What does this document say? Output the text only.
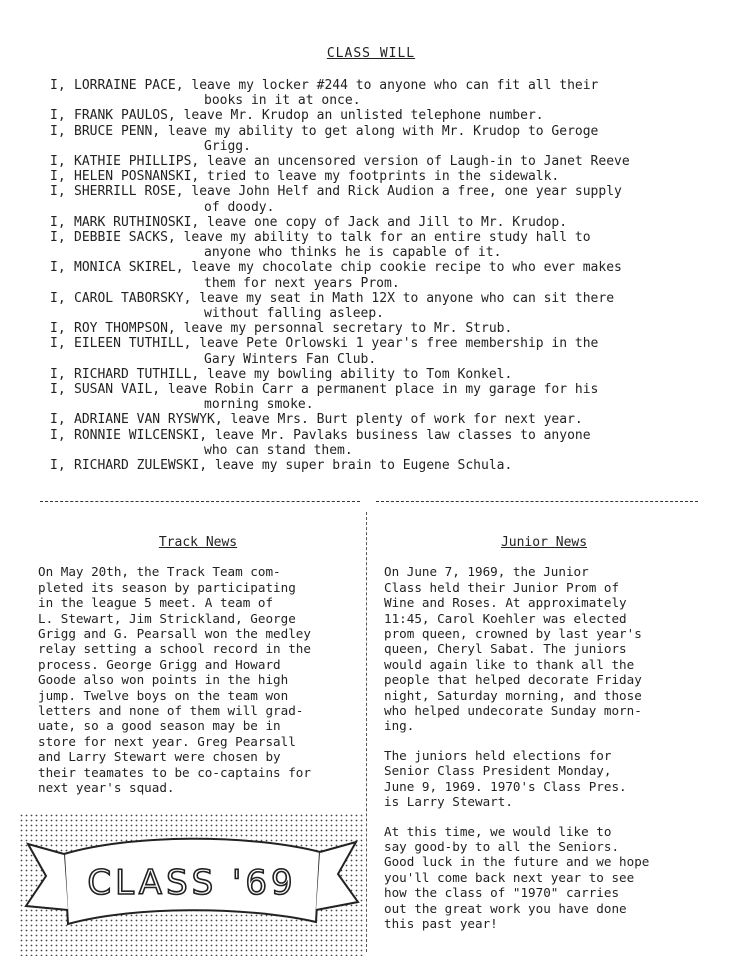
CLASS WILL
I, LORRAINE PACE, leave my locker #244 to anyone who can fit all their
books in it at once.
I, FRANK PAULOS, leave Mr. Krudop an unlisted telephone number.
I, BRUCE PENN, leave my ability to get along with Mr. Krudop to Geroge
Grigg.
I, KATHIE PHILLIPS, leave an uncensored version of Laugh-in to Janet Reeve
I, HELEN POSNANSKI, tried to leave my footprints in the sidewalk.
I, SHERRILL ROSE, leave John Helf and Rick Audion a free, one year supply
of doody.
I, MARK RUTHINOSKI, leave one copy of Jack and Jill to Mr. Krudop.
I, DEBBIE SACKS, leave my ability to talk for an entire study hall to
anyone who thinks he is capable of it.
I, MONICA SKIREL, leave my chocolate chip cookie recipe to who ever makes
them for next years Prom.
I, CAROL TABORSKY, leave my seat in Math 12X to anyone who can sit there
without falling asleep.
I, ROY THOMPSON, leave my personnal secretary to Mr. Strub.
I, EILEEN TUTHILL, leave Pete Orlowski 1 year's free membership in the
Gary Winters Fan Club.
I, RICHARD TUTHILL, leave my bowling ability to Tom Konkel.
I, SUSAN VAIL, leave Robin Carr a permanent place in my garage for his
morning smoke.
I, ADRIANE VAN RYSWYK, leave Mrs. Burt plenty of work for next year.
I, RONNIE WILCENSKI, leave Mr. Pavlaks business law classes to anyone
who can stand them.
I, RICHARD ZULEWSKI, leave my super brain to Eugene Schula.
Track News

On May 20th, the Track Team com-
pleted its season by participating
in the league 5 meet. A team of
L. Stewart, Jim Strickland, George
Grigg and G. Pearsall won the medley
relay setting a school record in the
process. George Grigg and Howard
Goode also won points in the high
jump. Twelve boys on the team won
letters and none of them will grad-
uate, so a good season may be in
store for next year. Greg Pearsall
and Larry Stewart were chosen by
their teamates to be co-captains for
next year's squad.

Junior News

On June 7, 1969, the Junior
Class held their Junior Prom of
Wine and Roses. At approximately
11:45, Carol Koehler was elected
prom queen, crowned by last year's
queen, Cheryl Sabat. The juniors
would again like to thank all the
people that helped decorate Friday
night, Saturday morning, and those
who helped undecorate Sunday morn-
ing.

The juniors held elections for
Senior Class President Monday,
June 9, 1969. 1970's Class Pres.
is Larry Stewart.

At this time, we would like to
say good-by to all the Seniors.
Good luck in the future and we hope
you'll come back next year to see
how the class of "1970" carries
out the great work you have done
this past year!

CLASS '69
